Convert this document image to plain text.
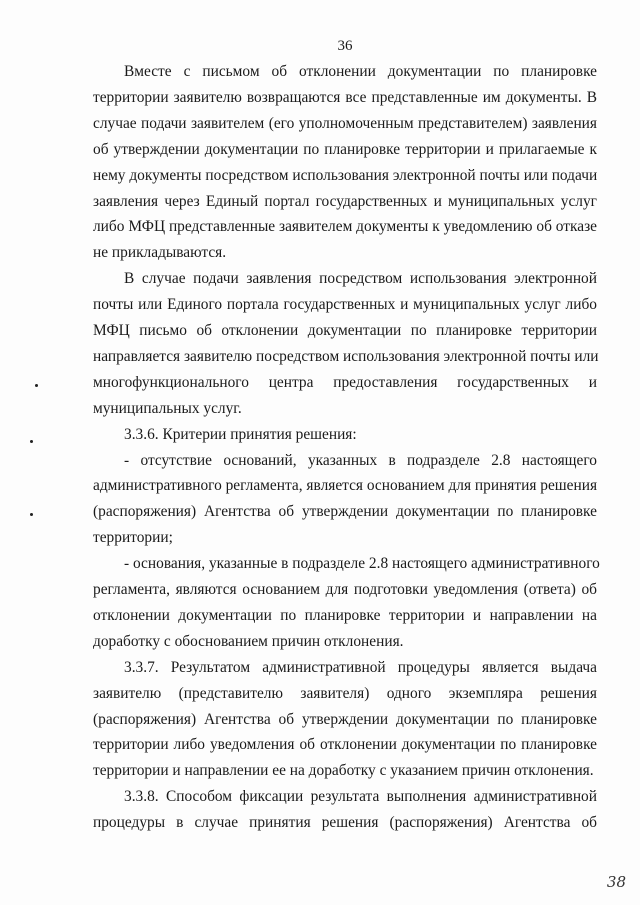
36
Вместе с письмом об отклонении документации по планировке
территории заявителю возвращаются все представленные им документы. В
случае подачи заявителем (его уполномоченным представителем) заявления
об утверждении документации по планировке территории и прилагаемые к
нему документы посредством использования электронной почты или подачи
заявления через Единый портал государственных и муниципальных услуг
либо МФЦ представленные заявителем документы к уведомлению об отказе
не прикладываются.
В случае подачи заявления посредством использования электронной
почты или Единого портала государственных и муниципальных услуг либо
МФЦ письмо об отклонении документации по планировке территории
направляется заявителю посредством использования электронной почты или
многофункционального центра предоставления государственных и
муниципальных услуг.
3.3.6. Критерии принятия решения:
- отсутствие оснований, указанных в подразделе 2.8 настоящего
административного регламента, является основанием для принятия решения
(распоряжения) Агентства об утверждении документации по планировке
территории;
- основания, указанные в подразделе 2.8 настоящего административного
регламента, являются основанием для подготовки уведомления (ответа) об
отклонении документации по планировке территории и направлении на
доработку с обоснованием причин отклонения.
3.3.7. Результатом административной процедуры является выдача
заявителю (представителю заявителя) одного экземпляра решения
(распоряжения) Агентства об утверждении документации по планировке
территории либо уведомления об отклонении документации по планировке
территории и направлении ее на доработку с указанием причин отклонения.
3.3.8. Способом фиксации результата выполнения административной
процедуры в случае принятия решения (распоряжения) Агентства об
38
